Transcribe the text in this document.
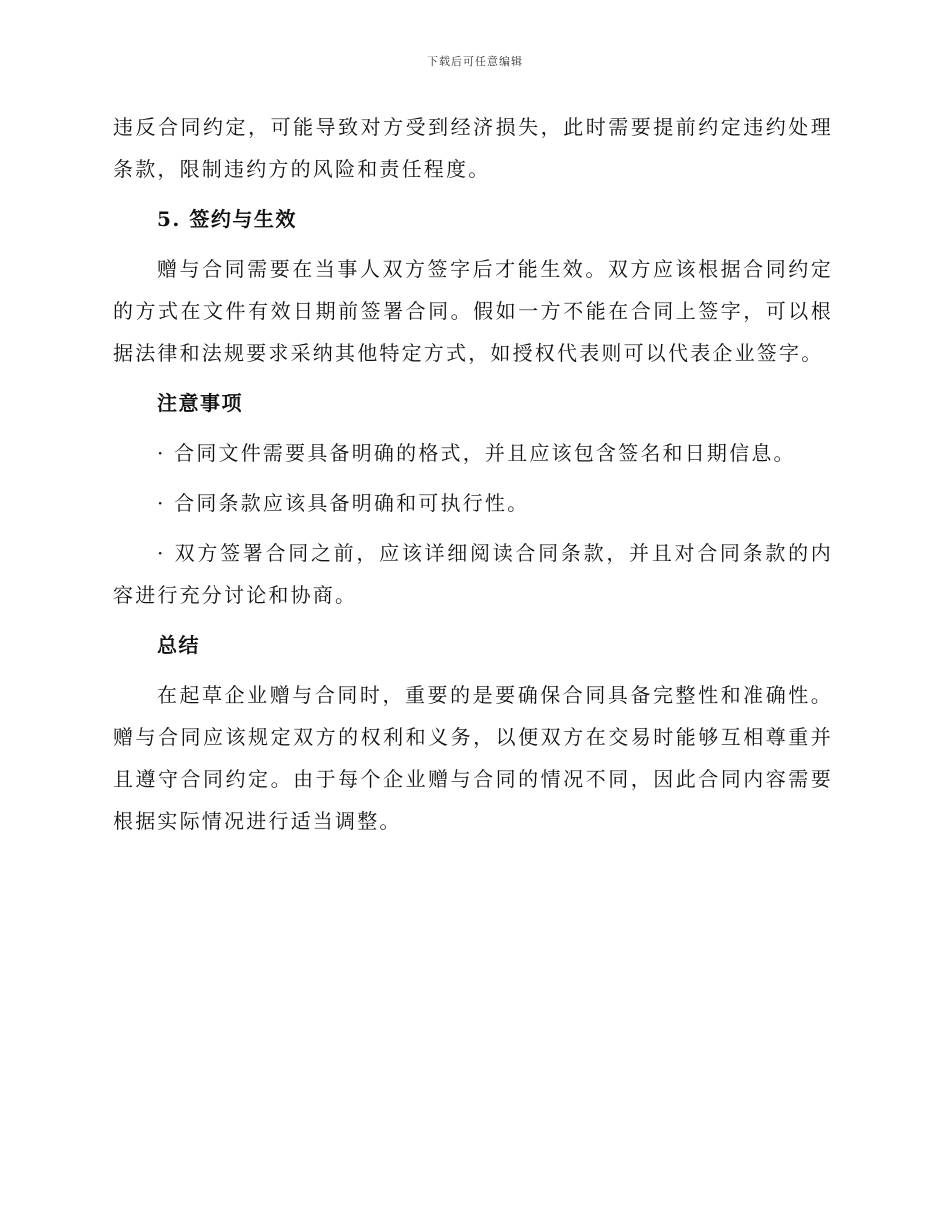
下载后可任意编辑

违反合同约定，可能导致对方受到经济损失，此时需要提前约定违约处理条款，限制违约方的风险和责任程度。

5. 签约与生效

赠与合同需要在当事人双方签字后才能生效。双方应该根据合同约定的方式在文件有效日期前签署合同。假如一方不能在合同上签字，可以根据法律和法规要求采纳其他特定方式，如授权代表则可以代表企业签字。

注意事项

· 合同文件需要具备明确的格式，并且应该包含签名和日期信息。

· 合同条款应该具备明确和可执行性。

· 双方签署合同之前，应该详细阅读合同条款，并且对合同条款的内容进行充分讨论和协商。

总结

在起草企业赠与合同时，重要的是要确保合同具备完整性和准确性。赠与合同应该规定双方的权利和义务，以便双方在交易时能够互相尊重并且遵守合同约定。由于每个企业赠与合同的情况不同，因此合同内容需要根据实际情况进行适当调整。
